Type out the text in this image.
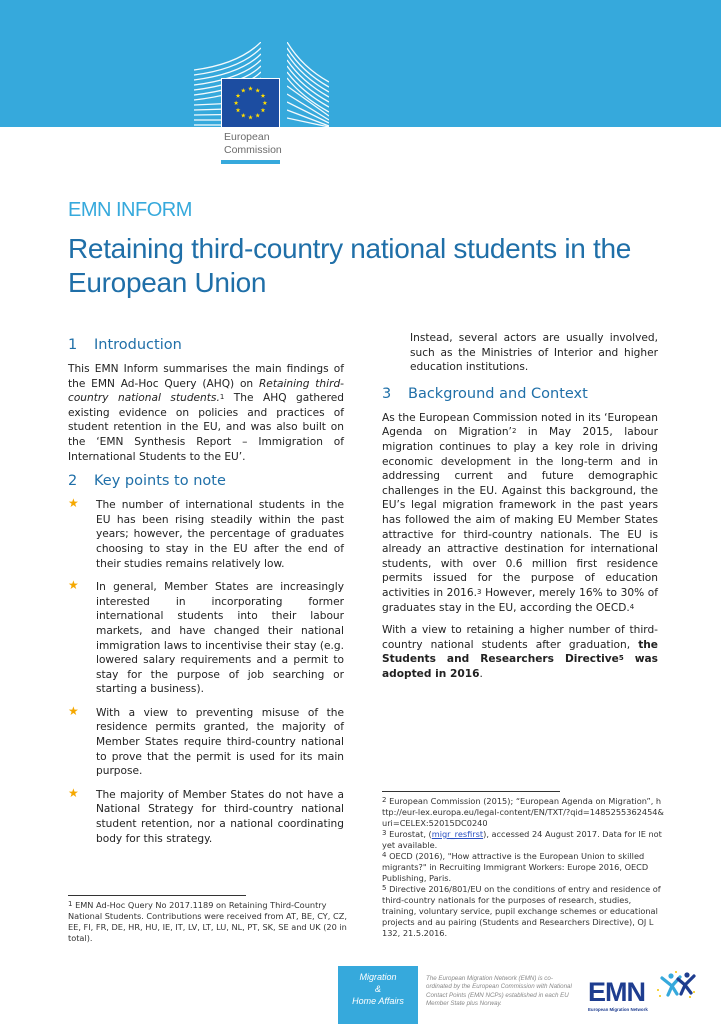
European
Commission
EMN INFORM
Retaining third-country national students in the European Union
1	Introduction

This EMN Inform summarises the main findings of the EMN Ad-Hoc Query (AHQ) on Retaining third-country national students.$^1$ The AHQ gathered existing evidence on policies and practices of student retention in the EU, and was also built on the ‘EMN Synthesis Report – Immigration of International Students to the EU’.

2	Key points to note
★ The number of international students in the EU has been rising steadily within the past years; however, the percentage of graduates choosing to stay in the EU after the end of their studies remains relatively low.
★ In general, Member States are increasingly interested in incorporating former international students into their labour markets, and have changed their national immigration laws to incentivise their stay (e.g. lowered salary requirements and a permit to stay for the purpose of job searching or starting a business).
★ With a view to preventing misuse of the residence permits granted, the majority of Member States require third-country national to prove that the permit is used for its main purpose.
★ The majority of Member States do not have a National Strategy for third-country national student retention, nor a national coordinating body for this strategy.
$^1$ EMN Ad-Hoc Query No 2017.1189 on Retaining Third-Country National Students. Contributions were received from AT, BE, CY, CZ, EE, FI, FR, DE, HR, HU, IE, IT, LV, LT, LU, NL, PT, SK, SE and UK (20 in total).

Instead, several actors are usually involved, such as the Ministries of Interior and higher education institutions.

3	Background and Context

As the European Commission noted in its ‘European Agenda on Migration’$^2$ in May 2015, labour migration continues to play a key role in driving economic development in the long-term and in addressing current and future demographic challenges in the EU. Against this background, the EU’s legal migration framework in the past years has followed the aim of making EU Member States attractive for third-country nationals. The EU is already an attractive destination for international students, with over 0.6 million first residence permits issued for the purpose of education activities in 2016.$^3$ However, merely 16% to 30% of graduates stay in the EU, according the OECD.$^4$

With a view to retaining a higher number of third-country national students after graduation, the Students and Researchers Directive$^5$ was adopted in 2016.

$^2$ European Commission (2015); “European Agenda on Migration”, http://eur-lex.europa.eu/legal-content/EN/TXT/?qid=1485255362454&uri=CELEX:52015DC0240
$^3$ Eurostat, (migr_resfirst), accessed 24 August 2017. Data for IE not yet available.
$^4$ OECD (2016), "How attractive is the European Union to skilled migrants?" in Recruiting Immigrant Workers: Europe 2016, OECD Publishing, Paris.
$^5$ Directive 2016/801/EU on the conditions of entry and residence of third-country nationals for the purposes of research, studies, training, voluntary service, pupil exchange schemes or educational projects and au pairing (Students and Researchers Directive), OJ L 132, 21.5.2016.
Migration
&
Home Affairs
The European Migration Network (EMN) is co-ordinated by the European Commission with National Contact Points (EMN NCPs) established in each EU Member State plus Norway.	EMN
European Migration Network
